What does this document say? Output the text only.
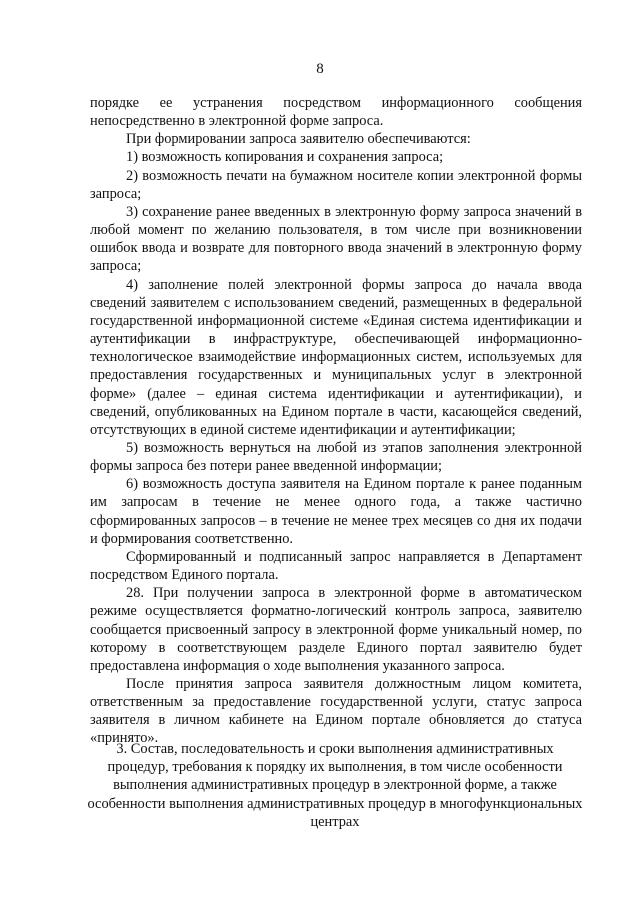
8

порядке ее устранения посредством информационного сообщения непосредственно в электронной форме запроса.

При формировании запроса заявителю обеспечиваются:

1) возможность копирования и сохранения запроса;

2) возможность печати на бумажном носителе копии электронной формы запроса;

3) сохранение ранее введенных в электронную форму запроса значений в любой момент по желанию пользователя, в том числе при возникновении ошибок ввода и возврате для повторного ввода значений в электронную форму запроса;

4) заполнение полей электронной формы запроса до начала ввода сведений заявителем с использованием сведений, размещенных в федеральной государственной информационной системе «Единая система идентификации и аутентификации в инфраструктуре, обеспечивающей информационно-технологическое взаимодействие информационных систем, используемых для предоставления государственных и муниципальных услуг в электронной форме» (далее – единая система идентификации и аутентификации), и сведений, опубликованных на Едином портале в части, касающейся сведений, отсутствующих в единой системе идентификации и аутентификации;

5) возможность вернуться на любой из этапов заполнения электронной формы запроса без потери ранее введенной информации;

6) возможность доступа заявителя на Едином портале к ранее поданным им запросам в течение не менее одного года, а также частично сформированных запросов – в течение не менее трех месяцев со дня их подачи и формирования соответственно.

Сформированный и подписанный запрос направляется в Департамент посредством Единого портала.

28. При получении запроса в электронной форме в автоматическом режиме осуществляется форматно-логический контроль запроса, заявителю сообщается присвоенный запросу в электронной форме уникальный номер, по которому в соответствующем разделе Единого портал заявителю будет предоставлена информация о ходе выполнения указанного запроса.

После принятия запроса заявителя должностным лицом комитета, ответственным за предоставление государственной услуги, статус запроса заявителя в личном кабинете на Едином портале обновляется до статуса «принято».

3. Состав, последовательность и сроки выполнения административных
процедур, требования к порядку их выполнения, в том числе особенности
выполнения административных процедур в электронной форме, а также
особенности выполнения административных процедур в многофункциональных
центрах
